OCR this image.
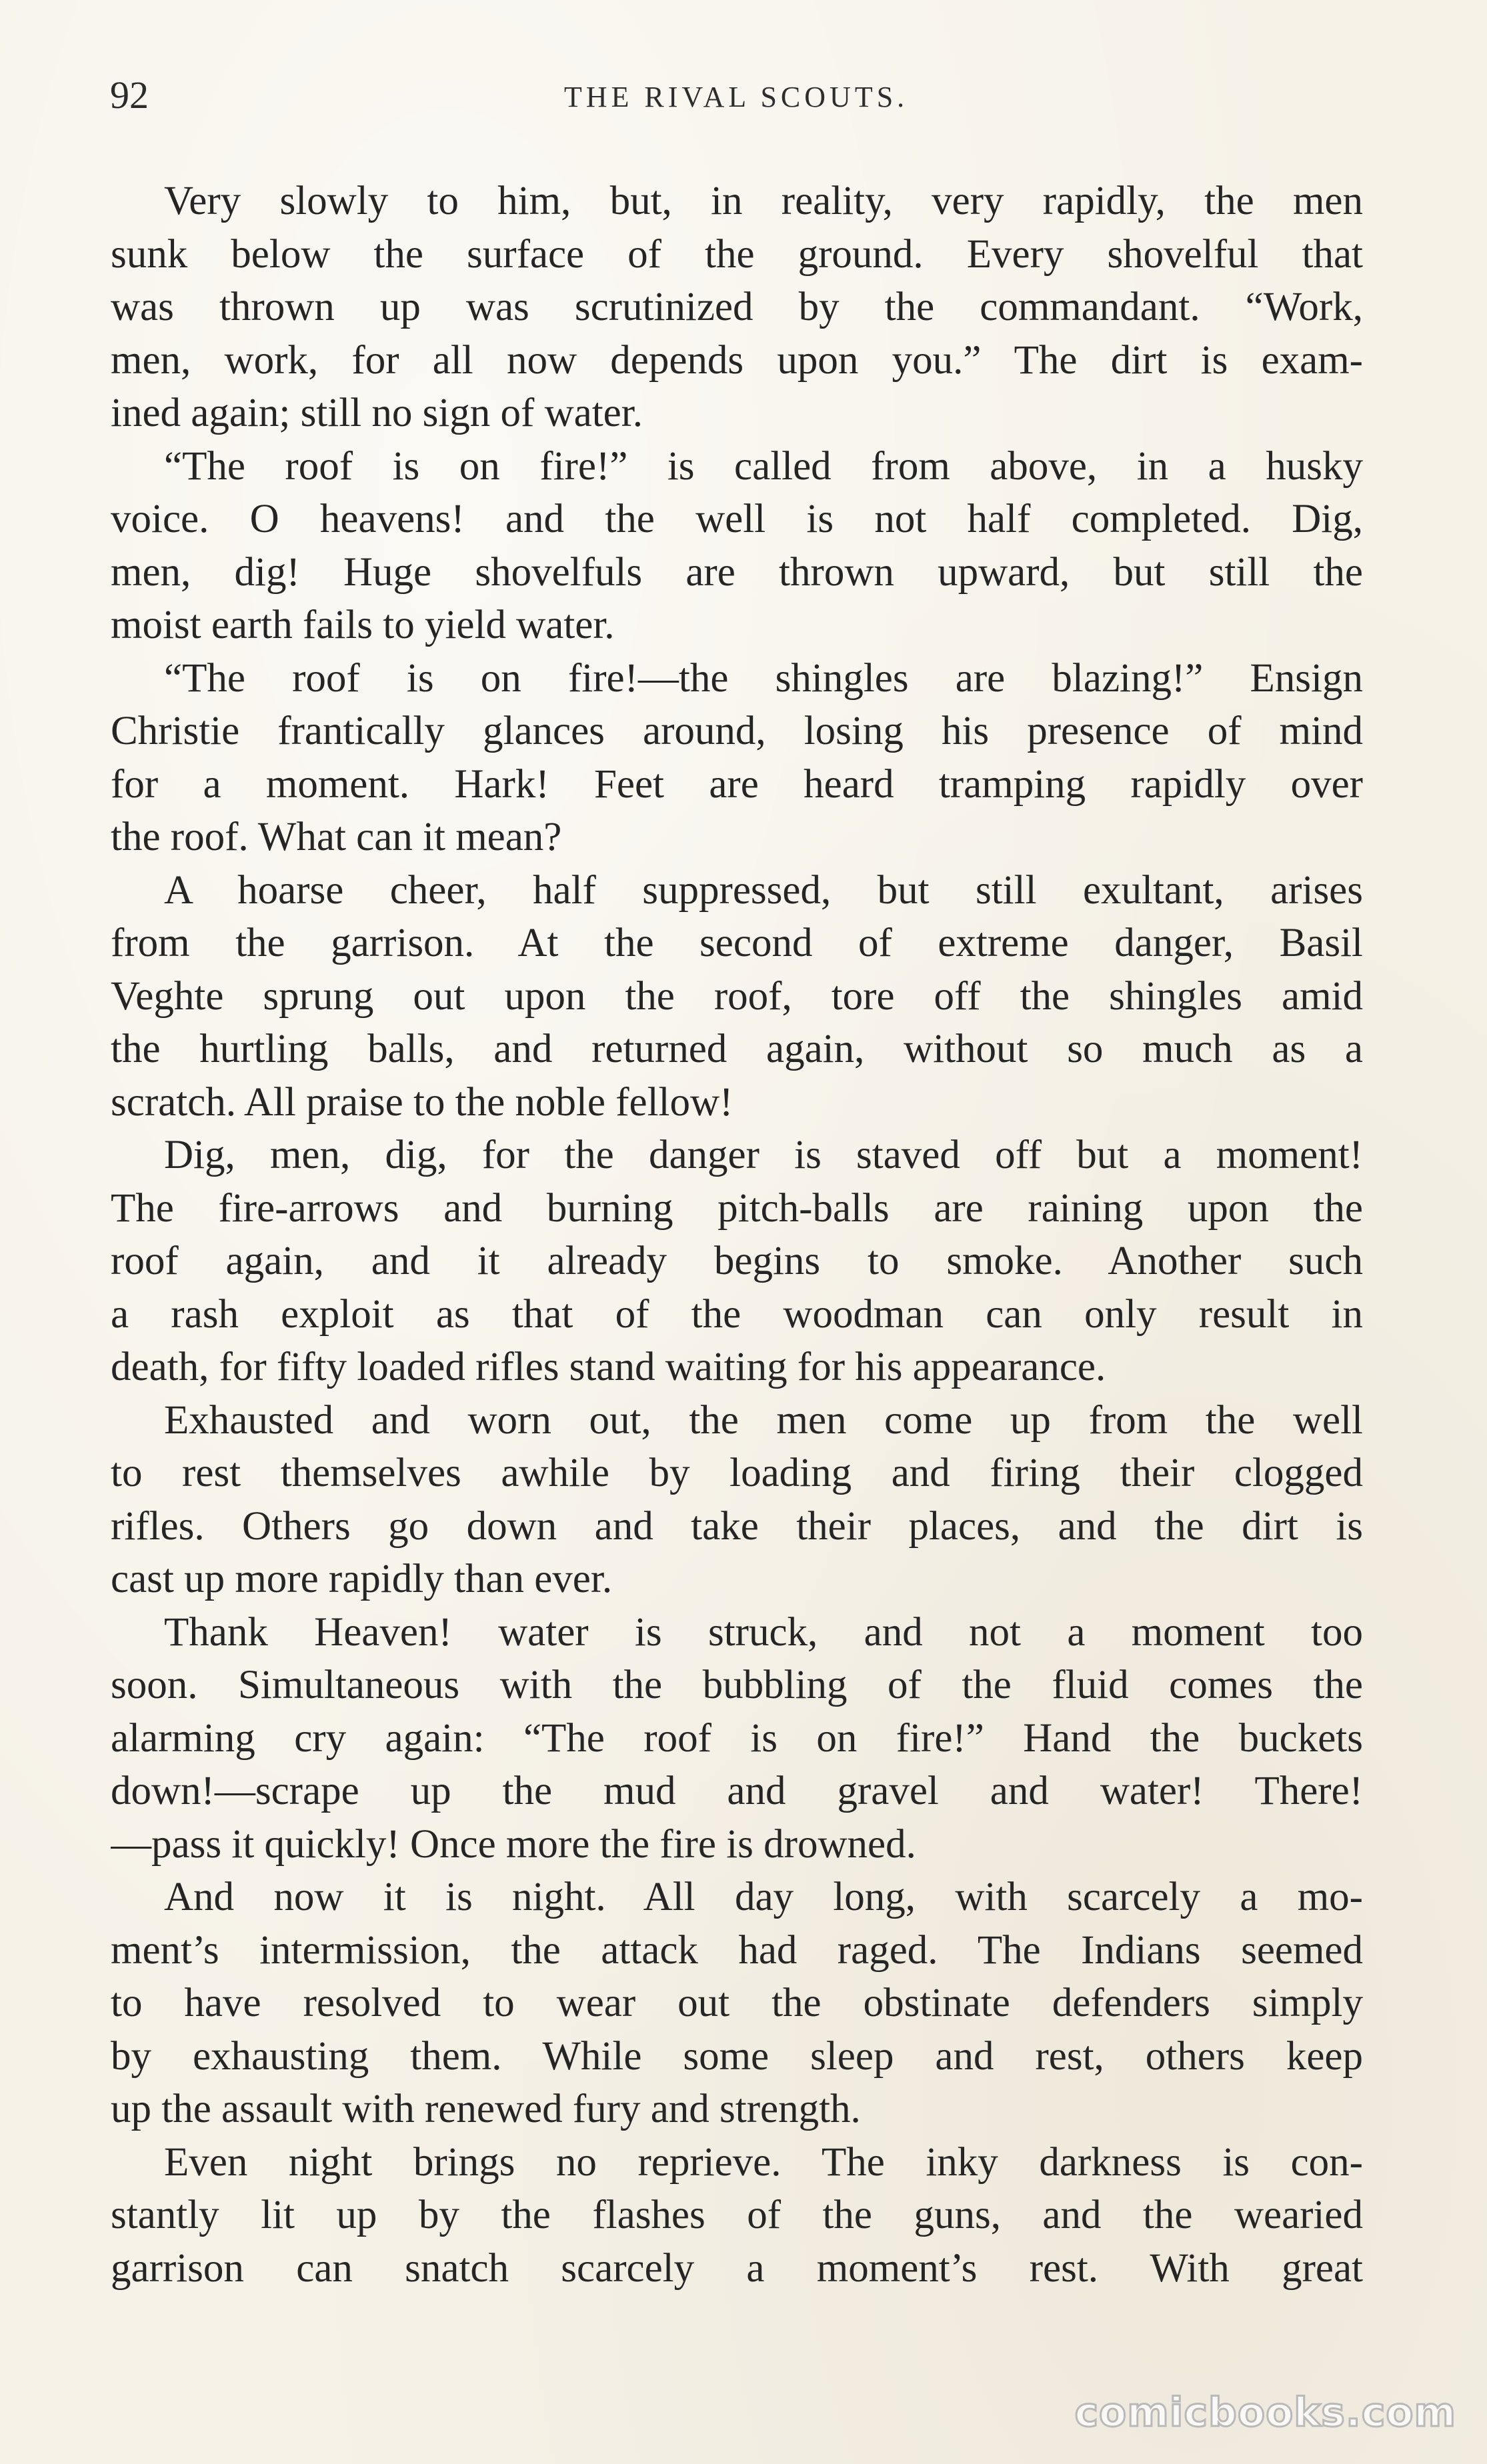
92	THE RIVAL SCOUTS.
Very slowly to him, but, in reality, very rapidly, the men
sunk below the surface of the ground. Every shovelful that
was thrown up was scrutinized by the commandant. “Work,
men, work, for all now depends upon you.” The dirt is exam-
ined again; still no sign of water.
“The roof is on fire!” is called from above, in a husky
voice. O heavens! and the well is not half completed. Dig,
men, dig! Huge shovelfuls are thrown upward, but still the
moist earth fails to yield water.
“The roof is on fire!—the shingles are blazing!” Ensign
Christie frantically glances around, losing his presence of mind
for a moment. Hark! Feet are heard tramping rapidly over
the roof. What can it mean?
A hoarse cheer, half suppressed, but still exultant, arises
from the garrison. At the second of extreme danger, Basil
Veghte sprung out upon the roof, tore off the shingles amid
the hurtling balls, and returned again, without so much as a
scratch. All praise to the noble fellow!
Dig, men, dig, for the danger is staved off but a moment!
The fire-arrows and burning pitch-balls are raining upon the
roof again, and it already begins to smoke. Another such
a rash exploit as that of the woodman can only result in
death, for fifty loaded rifles stand waiting for his appearance.
Exhausted and worn out, the men come up from the well
to rest themselves awhile by loading and firing their clogged
rifles. Others go down and take their places, and the dirt is
cast up more rapidly than ever.
Thank Heaven! water is struck, and not a moment too
soon. Simultaneous with the bubbling of the fluid comes the
alarming cry again: “The roof is on fire!” Hand the buckets
down!—scrape up the mud and gravel and water! There!
—pass it quickly! Once more the fire is drowned.
And now it is night. All day long, with scarcely a mo-
ment’s intermission, the attack had raged. The Indians seemed
to have resolved to wear out the obstinate defenders simply
by exhausting them. While some sleep and rest, others keep
up the assault with renewed fury and strength.
Even night brings no reprieve. The inky darkness is con-
stantly lit up by the flashes of the guns, and the wearied
garrison can snatch scarcely a moment’s rest. With great
comicbooks.com
